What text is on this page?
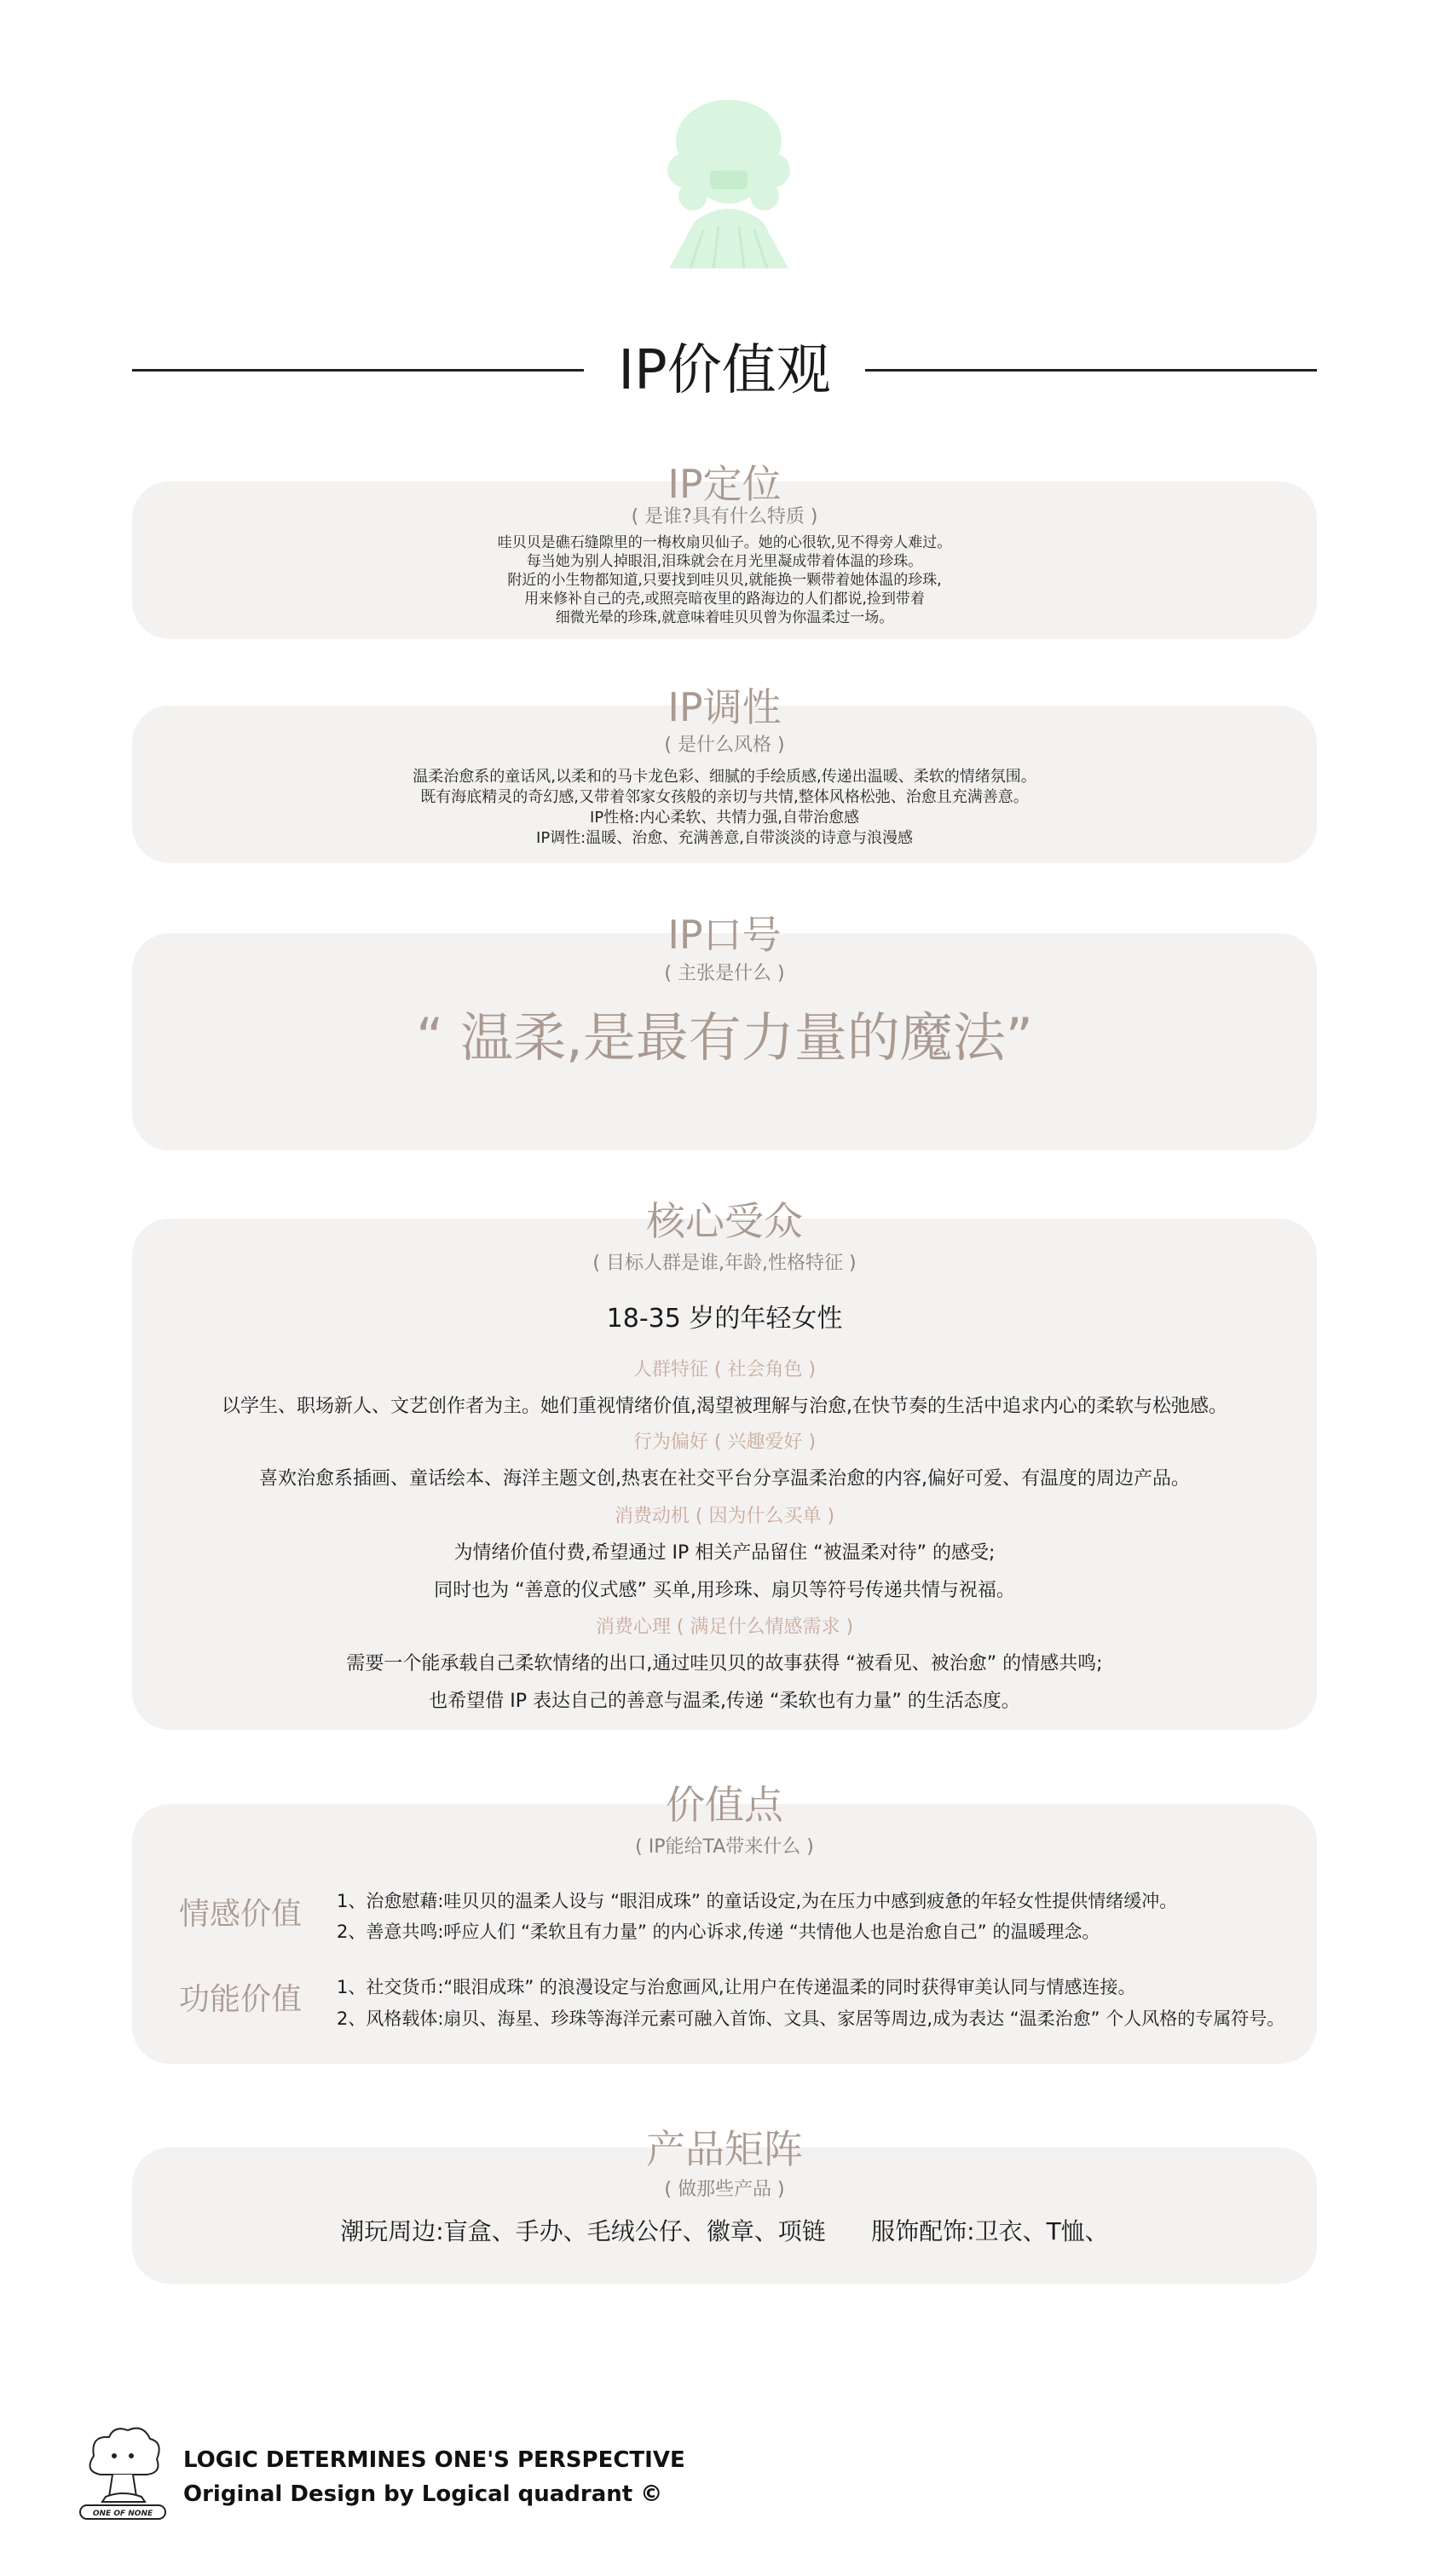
IP价值观
IP定位
( 是谁?具有什么特质 )
哇贝贝是礁石缝隙里的一梅枚扇贝仙子。她的心很软,见不得旁人难过。
每当她为别人掉眼泪,泪珠就会在月光里凝成带着体温的珍珠。
附近的小生物都知道,只要找到哇贝贝,就能换一颗带着她体温的珍珠,
用来修补自己的壳,或照亮暗夜里的路海边的人们都说,捡到带着
细微光晕的珍珠,就意味着哇贝贝曾为你温柔过一场。
IP调性
( 是什么风格 )
温柔治愈系的童话风,以柔和的马卡龙色彩、细腻的手绘质感,传递出温暖、柔软的情绪氛围。
既有海底精灵的奇幻感,又带着邻家女孩般的亲切与共情,整体风格松弛、治愈且充满善意。
IP性格:内心柔软、共情力强,自带治愈感
IP调性:温暖、治愈、充满善意,自带淡淡的诗意与浪漫感
IP口号
( 主张是什么 )
“ 温柔,是最有力量的魔法”
核心受众
( 目标人群是谁,年龄,性格特征 )
18-35 岁的年轻女性
人群特征 ( 社会角色 )
以学生、职场新人、文艺创作者为主。她们重视情绪价值,渴望被理解与治愈,在快节奏的生活中追求内心的柔软与松弛感。
行为偏好 ( 兴趣爱好 )
喜欢治愈系插画、童话绘本、海洋主题文创,热衷在社交平台分享温柔治愈的内容,偏好可爱、有温度的周边产品。
消费动机 ( 因为什么买单 )
为情绪价值付费,希望通过 IP 相关产品留住 “被温柔对待” 的感受;
同时也为 “善意的仪式感” 买单,用珍珠、扇贝等符号传递共情与祝福。
消费心理 ( 满足什么情感需求 )
需要一个能承载自己柔软情绪的出口,通过哇贝贝的故事获得 “被看见、被治愈” 的情感共鸣;
也希望借 IP 表达自己的善意与温柔,传递 “柔软也有力量” 的生活态度。
价值点
( IP能给TA带来什么 )
情感价值 1、治愈慰藉:哇贝贝的温柔人设与 “眼泪成珠” 的童话设定,为在压力中感到疲惫的年轻女性提供情绪缓冲。
2、善意共鸣:呼应人们 “柔软且有力量” 的内心诉求,传递 “共情他人也是治愈自己” 的温暖理念。
功能价值 1、社交货币:“眼泪成珠” 的浪漫设定与治愈画风,让用户在传递温柔的同时获得审美认同与情感连接。
2、风格载体:扇贝、海星、珍珠等海洋元素可融入首饰、文具、家居等周边,成为表达 “温柔治愈” 个人风格的专属符号。
产品矩阵
( 做那些产品 )
潮玩周边:盲盒、手办、毛绒公仔、徽章、项链      服饰配饰:卫衣、T恤、
ONE OF NONE
LOGIC DETERMINES ONE'S PERSPECTIVE
Original Design by Logical quadrant ©
